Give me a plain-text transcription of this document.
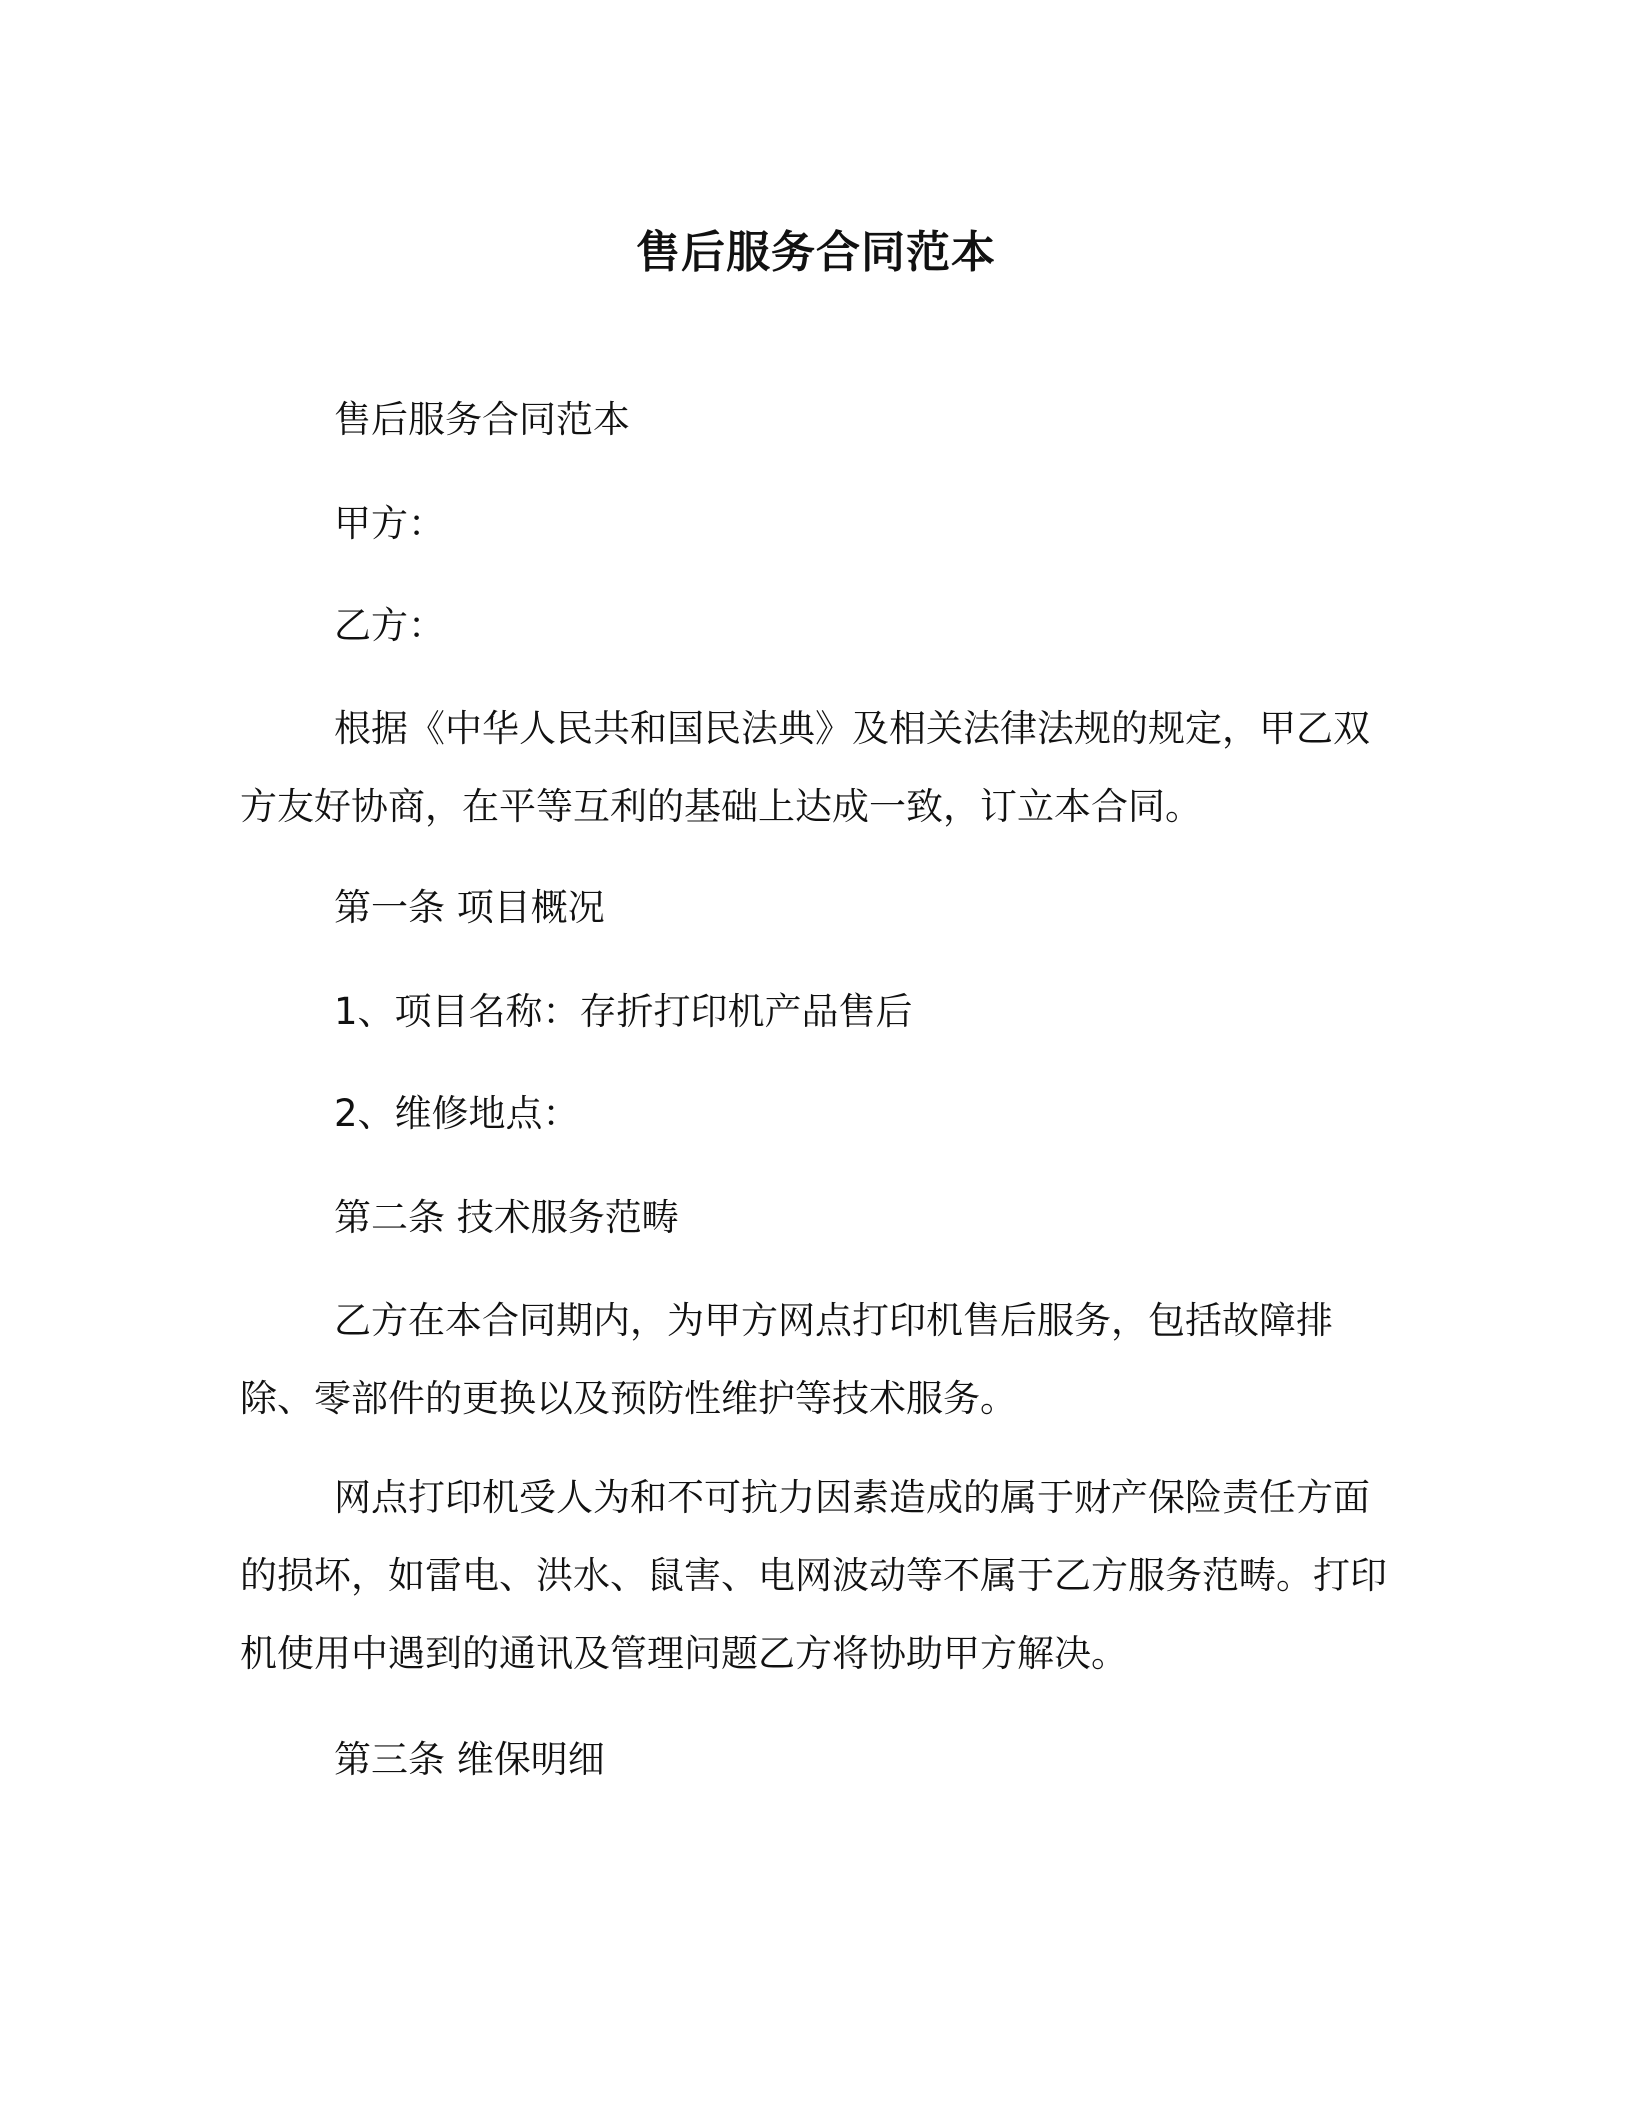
售后服务合同范本
售后服务合同范本
甲方：
乙方：

根据《中华人民共和国民法典》及相关法律法规的规定，甲乙双方友好协商，在平等互利的基础上达成一致，订立本合同。

第一条 项目概况
1、项目名称：存折打印机产品售后
2、维修地点：
第二条 技术服务范畴

乙方在本合同期内，为甲方网点打印机售后服务，包括故障排除、零部件的更换以及预防性维护等技术服务。

网点打印机受人为和不可抗力因素造成的属于财产保险责任方面的损坏，如雷电、洪水、鼠害、电网波动等不属于乙方服务范畴。打印机使用中遇到的通讯及管理问题乙方将协助甲方解决。

第三条 维保明细
